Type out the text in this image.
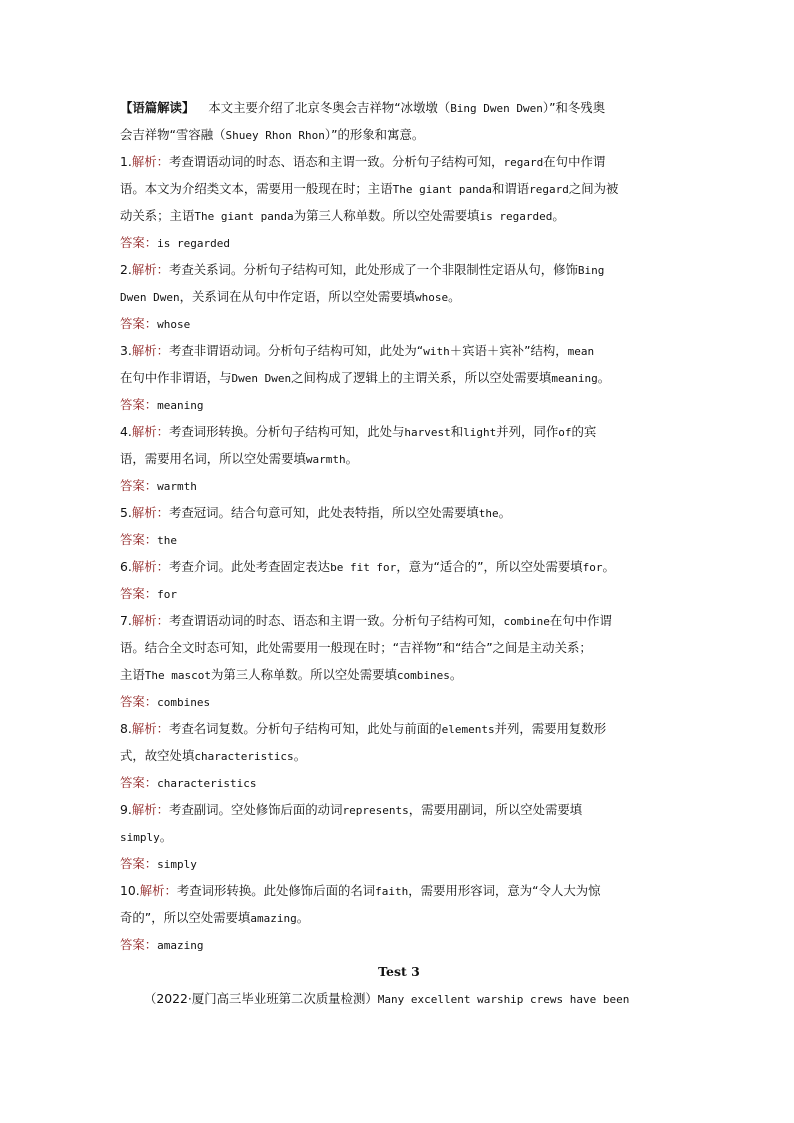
【语篇解读】 本文主要介绍了北京冬奥会吉祥物“冰墩墩（Bing Dwen Dwen）”和冬残奥
会吉祥物“雪容融（Shuey Rhon Rhon）”的形象和寓意。
1.解析：考查谓语动词的时态、语态和主谓一致。分析句子结构可知，regard在句中作谓
语。本文为介绍类文本，需要用一般现在时；主语The giant panda和谓语regard之间为被
动关系；主语The giant panda为第三人称单数。所以空处需要填is regarded。
答案：is regarded
2.解析：考查关系词。分析句子结构可知，此处形成了一个非限制性定语从句，修饰Bing
Dwen Dwen，关系词在从句中作定语，所以空处需要填whose。
答案：whose
3.解析：考查非谓语动词。分析句子结构可知，此处为“with＋宾语＋宾补”结构，mean
在句中作非谓语，与Dwen Dwen之间构成了逻辑上的主谓关系，所以空处需要填meaning。
答案：meaning
4.解析：考查词形转换。分析句子结构可知，此处与harvest和light并列，同作of的宾
语，需要用名词，所以空处需要填warmth。
答案：warmth
5.解析：考查冠词。结合句意可知，此处表特指，所以空处需要填the。
答案：the
6.解析：考查介词。此处考查固定表达be fit for，意为“适合的”，所以空处需要填for。
答案：for
7.解析：考查谓语动词的时态、语态和主谓一致。分析句子结构可知，combine在句中作谓
语。结合全文时态可知，此处需要用一般现在时；“吉祥物”和“结合”之间是主动关系；
主语The mascot为第三人称单数。所以空处需要填combines。
答案：combines
8.解析：考查名词复数。分析句子结构可知，此处与前面的elements并列，需要用复数形
式，故空处填characteristics。
答案：characteristics
9.解析：考查副词。空处修饰后面的动词represents，需要用副词，所以空处需要填
simply。
答案：simply
10.解析：考查词形转换。此处修饰后面的名词faith，需要用形容词，意为“令人大为惊
奇的”，所以空处需要填amazing。
答案：amazing
Test 3
（2022·厦门高三毕业班第二次质量检测）Many excellent warship crews have been
